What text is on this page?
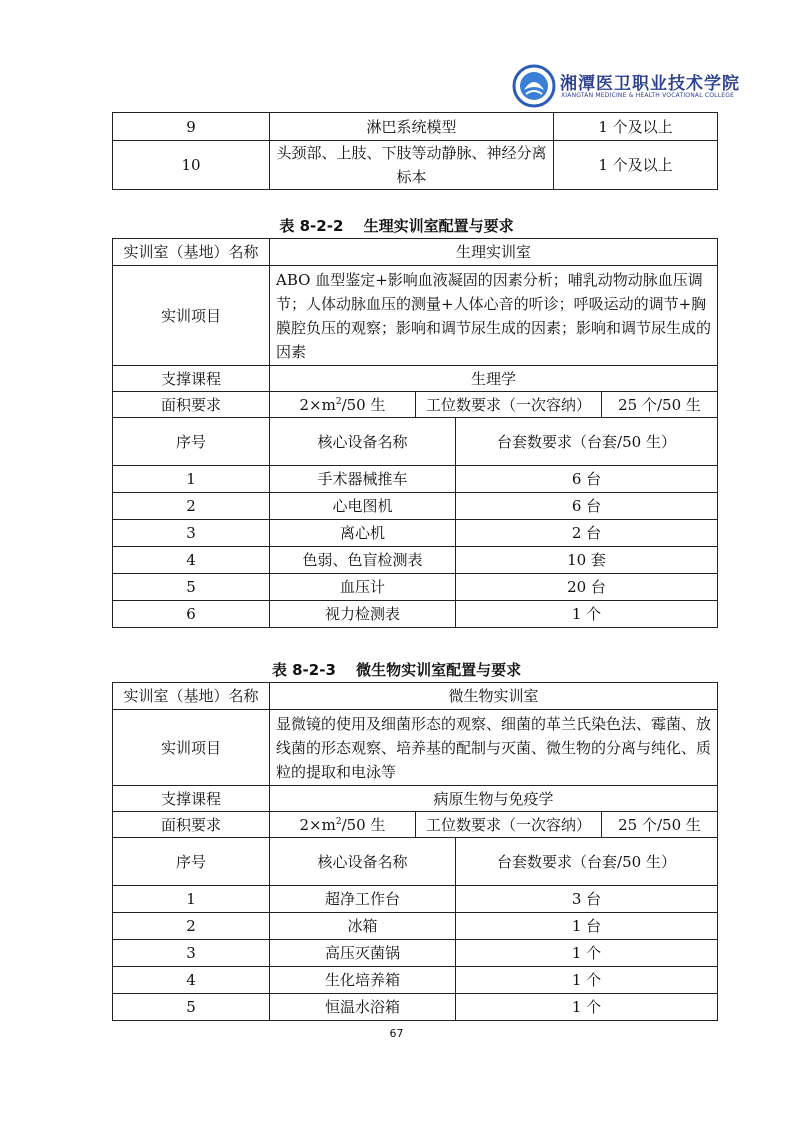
湘潭医卫职业技术学院
XIANGTAN MEDICINE & HEALTH VOCATIONAL COLLEGE
9	淋巴系统模型	1 个及以上
10	头颈部、上肢、下肢等动静脉、神经分离标本	1 个及以上
表 8-2-2　 生理实训室配置与要求
实训室（基地）名称	生理实训室			
实训项目	ABO 血型鉴定+影响血液凝固的因素分析；哺乳动物动脉血压调节；人体动脉血压的测量+人体心音的听诊；呼吸运动的调节+胸膜腔负压的观察；影响和调节尿生成的因素；影响和调节尿生成的因素			
支撑课程	生理学			
面积要求	$2\times m^2/50$ 生	工位数要求（一次容纳）		25 个/50 生
序号	核心设备名称		台套数要求（台套/50 生）	
1	手术器械推车		6 台	
2	心电图机		6 台	
3	离心机		2 台	
4	色弱、色盲检测表		10 套	
5	血压计		20 台	
6	视力检测表		1 个	
表 8-2-3　 微生物实训室配置与要求
实训室（基地）名称	微生物实训室			
实训项目	显微镜的使用及细菌形态的观察、细菌的革兰氏染色法、霉菌、放线菌的形态观察、培养基的配制与灭菌、微生物的分离与纯化、质粒的提取和电泳等			
支撑课程	病原生物与免疫学			
面积要求	$2\times m^2/50$ 生	工位数要求（一次容纳）		25 个/50 生
序号	核心设备名称		台套数要求（台套/50 生）	
1	超净工作台		3 台	
2	冰箱		1 台	
3	高压灭菌锅		1 个	
4	生化培养箱		1 个	
5	恒温水浴箱		1 个	
67
